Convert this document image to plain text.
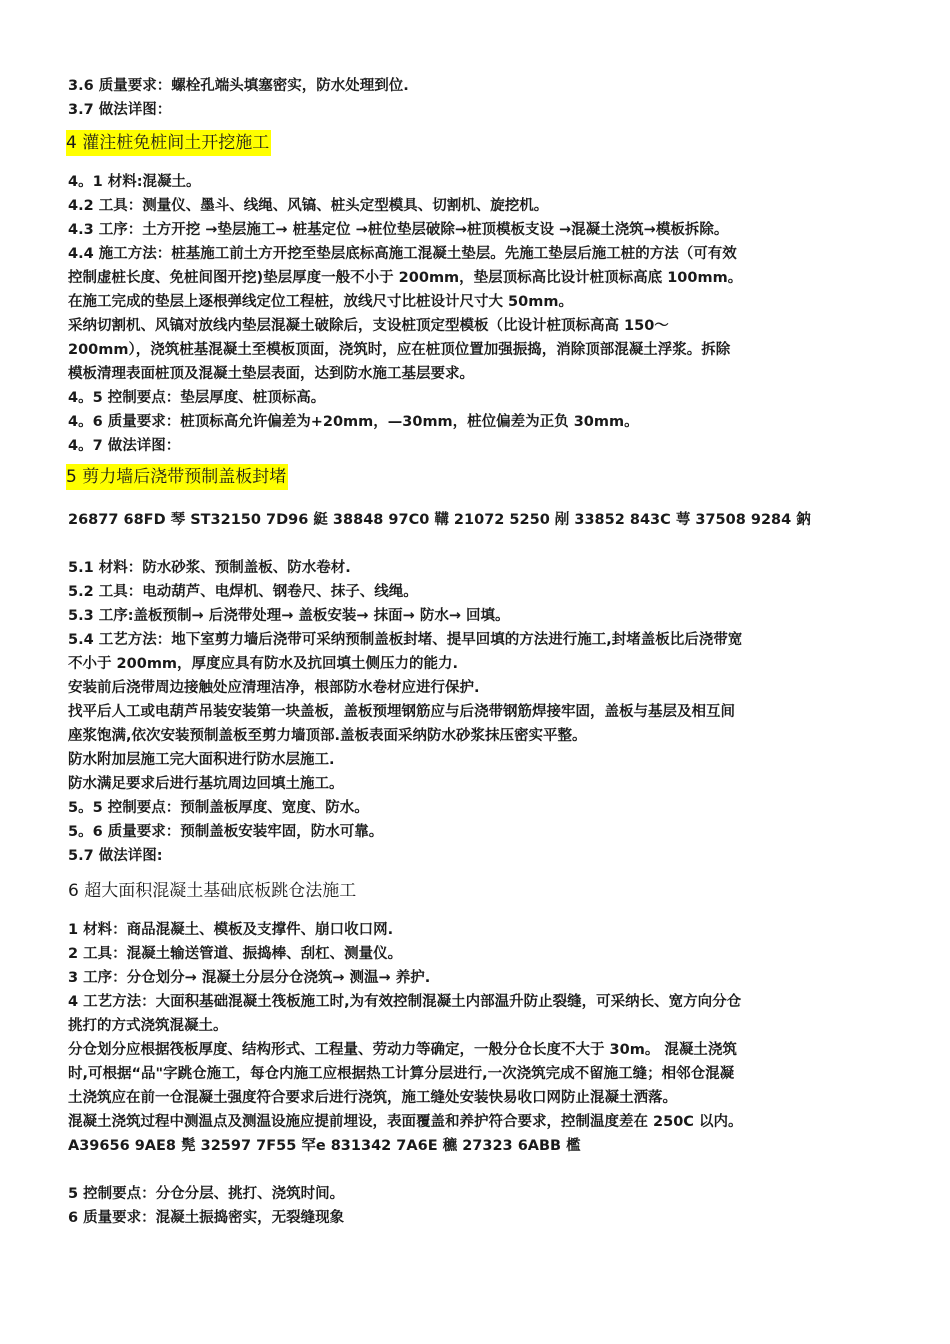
3.6 质量要求：螺栓孔端头填塞密实，防水处理到位.
3.7 做法详图：
4 灌注桩免桩间土开挖施工
4。1 材料:混凝土。
4.2 工具：测量仪、墨斗、线绳、风镐、桩头定型模具、切割机、旋挖机。
4.3 工序：土方开挖 →垫层施工→ 桩基定位 →桩位垫层破除→桩顶模板支设 →混凝土浇筑→模板拆除。
4.4 施工方法：桩基施工前土方开挖至垫层底标高施工混凝土垫层。先施工垫层后施工桩的方法（可有效
控制虚桩长度、免桩间图开挖)垫层厚度一般不小于 200mm，垫层顶标高比设计桩顶标高底 100mm。
在施工完成的垫层上逐根弹线定位工程桩，放线尺寸比桩设计尺寸大 50mm。
采纳切割机、风镐对放线内垫层混凝土破除后，支设桩顶定型模板（比设计桩顶标高高 150～
200mm），浇筑桩基混凝土至模板顶面，浇筑时，应在桩顶位置加强振捣，消除顶部混凝土浮浆。拆除
模板清理表面桩顶及混凝土垫层表面，达到防水施工基层要求。
4。5 控制要点：垫层厚度、桩顶标高。
4。6 质量要求：桩顶标高允许偏差为+20mm，—30mm，桩位偏差为正负 30mm。
4。7 做法详图：
5 剪力墙后浇带预制盖板封堵
26877 68FD 琴 ST32150 7D96 綎 38848 97C0 鞲 21072 5250 剐 33852 843C 萼 37508 9284 鈉
5.1 材料：防水砂浆、预制盖板、防水卷材.
5.2 工具：电动葫芦、电焊机、钢卷尺、抹子、线绳。
5.3 工序:盖板预制→ 后浇带处理→ 盖板安装→ 抹面→ 防水→ 回填。
5.4 工艺方法：地下室剪力墙后浇带可采纳预制盖板封堵、提早回填的方法进行施工,封堵盖板比后浇带宽
不小于 200mm，厚度应具有防水及抗回填土侧压力的能力.
安装前后浇带周边接触处应清理洁净，根部防水卷材应进行保护.
找平后人工或电葫芦吊装安装第一块盖板，盖板预埋钢筋应与后浇带钢筋焊接牢固，盖板与基层及相互间
座浆饱满,依次安装预制盖板至剪力墙顶部.盖板表面采纳防水砂浆抹压密实平整。
防水附加层施工完大面积进行防水层施工.
防水满足要求后进行基坑周边回填土施工。
5。5 控制要点：预制盖板厚度、宽度、防水。
5。6 质量要求：预制盖板安装牢固，防水可靠。
5.7 做法详图:
6 超大面积混凝土基础底板跳仓法施工
1 材料：商品混凝土、模板及支撑件、崩口收口网.
2 工具：混凝土输送管道、振捣棒、刮杠、测量仪。
3 工序：分仓划分→ 混凝土分层分仓浇筑→ 测温→ 养护.
4 工艺方法：大面积基础混凝土筏板施工时,为有效控制混凝土内部温升防止裂缝，可采纳长、宽方向分仓
挑打的方式浇筑混凝土。
分仓划分应根据筏板厚度、结构形式、工程量、劳动力等确定，一般分仓长度不大于 30m。 混凝土浇筑
时,可根据“品"字跳仓施工，每仓内施工应根据热工计算分层进行,一次浇筑完成不留施工缝；相邻仓混凝
土浇筑应在前一仓混凝土强度符合要求后进行浇筑，施工缝处安装快易收口网防止混凝土洒落。
混凝土浇筑过程中测温点及测温设施应提前埋设，表面覆盖和养护符合要求，控制温度差在 250C 以内。
A39656 9AE8 髨 32597 7F55 罕e 831342 7A6E 穮 27323 6ABB 檻
5 控制要点：分仓分层、挑打、浇筑时间。
6 质量要求：混凝土振捣密实，无裂缝现象
